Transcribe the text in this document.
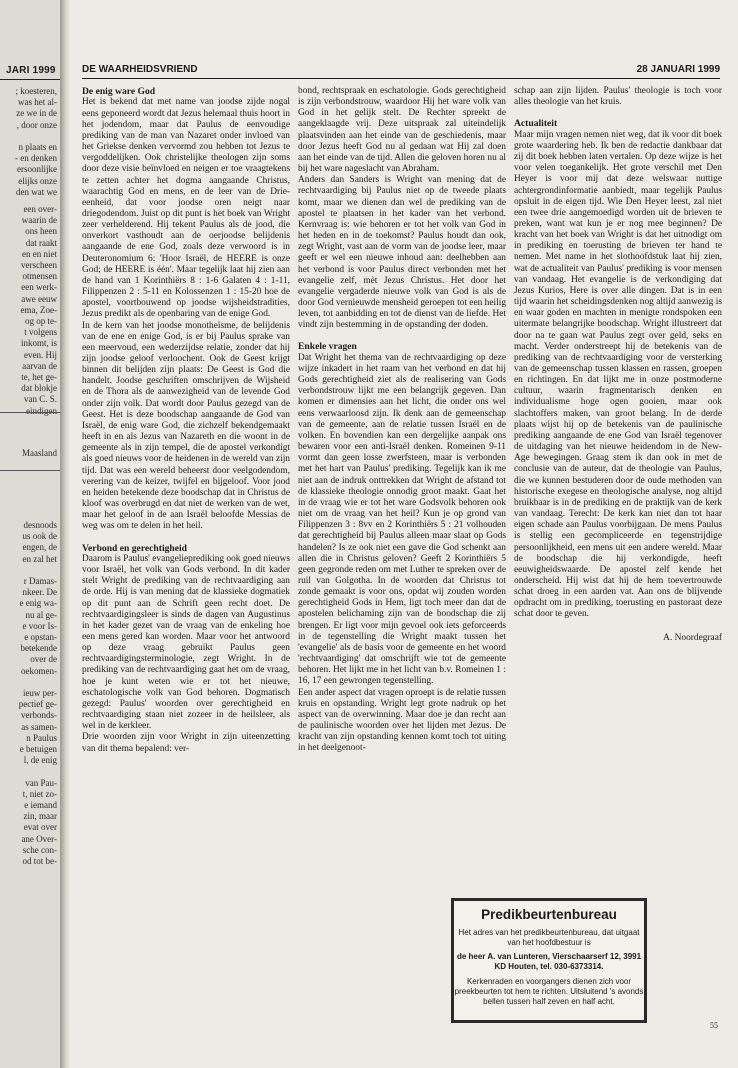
JARI 1999
; koesteren,
was het al-
ze we in de
, door onze

n plaats en
- en denken
ersoonlijke
elijks onze
den wat we
een over-
waarin de
ons heen
dat raakt
en en niet
verscheen
otmensen
een werk-
awe eeuw
ema, Zoe-
og op te-
t volgens
inkomt, is
even. Hij
aarvan de
te, het ge-
dat blokje
van C. S.
eindigen
Maasland
desnoods
us ook de
engen, de
en zal het

r Damas-
nkeer. De
e enig wa-
nu al ge-
e voor Is-
e opstan-
betekende
over de
oekomen-

ieuw per-
pectief ge-
verbonds-
as samen-
n Paulus
e betuigen
l, de enig

van Pau-
t, niet zo-
e iemand
zin, maar
evat over
ane Over-
sche con-
od tot be-
DE WAARHEIDSVRIEND	28 JANUARI 1999
De enig ware God

Het is bekend dat met name van joodse zijde nogal eens geponeerd wordt dat Jezus helemaal thuis hoort in het jodendom, maar dat Paulus de eenvoudige prediking van de man van Nazaret onder invloed van het Griekse denken vervormd zou hebben tot Jezus te vergoddelijken. Ook christelijke theologen zijn soms door deze visie beïnvloed en neigen er toe vraagtekens te zetten achter het dogma aangaande Christus, waarachtig God en mens, en de leer van de Drie-eenheid, dat voor joodse oren neigt naar driegodendom. Juist op dit punt is het boek van Wright zeer verhelderend. Hij tekent Paulus als de jood, die onverkort vasthoudt aan de oerjoodse belijdenis aangaande de ene God, zoals deze verwoord is in Deuteronomium 6: 'Hoor Israël, de HEERE is onze God; de HEERE is één'. Maar tegelijk laat hij zien aan de hand van 1 Korinthiërs 8 : 1-6 Galaten 4 : 1-11, Filippenzen 2 : 5-11 en Kolossenzen 1 : 15-20 hoe de apostel, voortbouwend op joodse wijsheidstradities, Jezus predikt als de openbaring van de enige God.

In de kern van het joodse monotheïsme, de belijdenis van de ene en enige God, is er bij Paulus sprake van een meervoud, een wederzijdse relatie, zonder dat hij zijn joodse geloof verloochent. Ook de Geest krijgt binnen dit belijden zijn plaats: De Geest is God die handelt. Joodse geschriften omschrijven de Wijsheid en de Thora als de aanwezigheid van de levende God onder zijn volk. Dat wordt door Paulus gezegd van de Geest. Het is deze boodschap aangaande de God van Israël, de enig ware God, die zichzelf bekendgemaakt heeft in en als Jezus van Nazareth en die woont in de gemeente als in zijn tempel, die de apostel verkondigt als goed nieuws voor de heidenen in de wereld van zijn tijd. Dat was een wereld beheerst door veelgodendom, verering van de keizer, twijfel en bijgeloof. Voor jood en heiden betekende deze boodschap dat in Christus de kloof was overbrugd en dat niet de werken van de wet, maar het geloof in de aan Israël beloofde Messias de weg was om te delen in het heil.

Verbond en gerechtigheid

Daarom is Paulus' evangelieprediking ook goed nieuws voor Israël, het volk van Gods verbond. In dit kader stelt Wright de prediking van de rechtvaardiging aan de orde. Hij is van mening dat de klassieke dogmatiek op dit punt aan de Schrift geen recht doet. De rechtvaardigingsleer is sinds de dagen van Augustinus in het kader gezet van de vraag van de enkeling hoe een mens gered kan worden. Maar voor het antwoord op deze vraag gebruikt Paulus geen rechtvaardigingsterminologie, zegt Wright. In de prediking van de rechtvaardiging gaat het om de vraag, hoe je kunt weten wie er tot het nieuwe, eschatologische volk van God behoren. Dogmatisch gezegd: Paulus' woorden over gerechtigheid en rechtvaardiging staan niet zozeer in de heilsleer, als wel in de kerkleer.

Drie woorden zijn voor Wright in zijn uiteenzetting van dit thema bepalend: ver-

bond, rechtspraak en eschatologie. Gods gerechtigheid is zijn verbondstrouw, waardoor Hij het ware volk van God in het gelijk stelt. De Rechter spreekt de aangeklaagde vrij. Deze uitspraak zal uiteindelijk plaatsvinden aan het einde van de geschiedenis, maar door Jezus heeft God nu al gedaan wat Hij zal doen aan het einde van de tijd. Allen die geloven horen nu al bij het ware nageslacht van Abraham.

Anders dan Sanders is Wright van mening dat de rechtvaardiging bij Paulus niet op de tweede plaats komt, maar we dienen dan wel de prediking van de apostel te plaatsen in het kader van het verbond. Kernvraag is: wie behoren er tot het volk van God in het heden en in de toekomst? Paulus houdt dan ook, zegt Wright, vast aan de vorm van de joodse leer, maar geeft er wel een nieuwe inhoud aan: deelhebben aan het verbond is voor Paulus direct verbonden met het evangelie zelf, mèt Jezus Christus. Het door het evangelie vergaderde nieuwe volk van God is als de door God vernieuwde mensheid geroepen tot een heilig leven, tot aanbidding en tot de dienst van de liefde. Het vindt zijn bestemming in de opstanding der doden.

Enkele vragen

Dat Wright het thema van de rechtvaardiging op deze wijze inkadert in het raam van het verbond en dat hij Gods gerechtigheid ziet als de realisering van Gods verbondstrouw lijkt me een belangrijk gegeven. Dan komen er dimensies aan het licht, die onder ons wel eens verwaarloosd zijn. Ik denk aan de gemeenschap van de gemeente, aan de relatie tussen Israël en de volken. En bovendien kan een dergelijke aanpak ons bewaren voor een anti-Israël denken. Romeinen 9-11 vormt dan geen losse zwerfsteen, maar is verbonden met het hart van Paulus' prediking. Tegelijk kan ik me niet aan de indruk onttrekken dat Wright de afstand tot de klassieke theologie onnodig groot maakt. Gaat het in de vraag wie er tot het ware Godsvolk behoren ook niet om de vraag van het heil? Kun je op grond van Filippenzen 3 : 8vv en 2 Korinthiërs 5 : 21 volhouden dat gerechtigheid bij Paulus alleen maar slaat op Gods handelen? Is ze ook niet een gave die God schenkt aan allen die in Christus geloven? Geeft 2 Korinthiërs 5 geen gegronde reden om met Luther te spreken over de ruil van Golgotha. In de woorden dat Christus tot zonde gemaakt is voor ons, opdat wij zouden worden gerechtigheid Gods in Hem, ligt toch meer dan dat de apostelen belichaming zijn van de boodschap die zij brengen. Er ligt voor mijn gevoel ook iets geforceerds in de tegenstelling die Wright maakt tussen het 'evangelie' als de basis voor de gemeente en het woord 'rechtvaardiging' dat omschrijft wie tot de gemeente behoren. Het lijkt me in het licht van b.v. Romeinen 1 : 16, 17 een gewrongen tegenstelling.

Een ander aspect dat vragen oproept is de relatie tussen kruis en opstanding. Wright legt grote nadruk op het aspect van de overwinning. Maar doe je dan recht aan de paulinische woorden over het lijden met Jezus. De kracht van zijn opstanding kennen komt toch tot uiting in het deelgenoot-

schap aan zijn lijden. Paulus' theologie is toch voor alles theologie van het kruis.

Actualiteit

Maar mijn vragen nemen niet weg, dat ik voor dit boek grote waardering heb. Ik ben de redactie dankbaar dat zij dit boek hebben laten vertalen. Op deze wijze is het voor velen toegankelijk. Het grote verschil met Den Heyer is voor mij dat deze welswaar nuttige achtergrondinformatie aanbiedt, maar tegelijk Paulus opsluit in de eigen tijd. Wie Den Heyer leest, zal niet een twee drie aangemoedigd worden uit de brieven te preken, want wat kun je er nog mee beginnen? De kracht van het boek van Wright is dat het uitnodigt om in prediking en toerusting de brieven ter hand te nemen. Met name in het slothoofdstuk laat hij zien, wat de actualiteit van Paulus' prediking is voor mensen van vandaag. Het evangelie is de verkondiging dat Jezus Kurios, Here is over alle dingen. Dat is in een tijd waarin het scheidingsdenken nog altijd aanwezig is en waar goden en machten in menigte rondspoken een uitermate belangrijke boodschap. Wright illustreert dat door na te gaan wat Paulus zegt over geld, seks en macht. Verder onderstreept hij de betekenis van de prediking van de rechtvaardiging voor de versterking van de gemeenschap tussen klassen en rassen, groepen en richtingen. En dat lijkt me in onze postmoderne cultuur, waarin fragmentarisch denken en individualisme hoge ogen gooien, maar ook slachtoffers maken, van groot belang. In de derde plaats wijst hij op de betekenis van de paulinische prediking aangaande de ene God van Israël tegenover de uitdaging van het nieuwe heidendom in de New-Age bewegingen. Graag stem ik dan ook in met de conclusie van de auteur, dat de theologie van Paulus, die we kunnen bestuderen door de oude methoden van historische exegese en theologische analyse, nog altijd bruikbaar is in de prediking en de praktijk van de kerk van vandaag. Terecht: De kerk kan niet dan tot haar eigen schade aan Paulus voorbijgaan. De mens Paulus is stellig een gecompliceerde en tegenstrijdige persoonlijkheid, een mens uit een andere wereld. Maar de boodschap die hij verkondigde, heeft eeuwigheidswaarde. De apostel zelf kende het onderscheid. Hij wist dat hij de hem toevertrouwde schat droeg in een aarden vat. Aan ons de blijvende opdracht om in prediking, toerusting en pastoraat deze schat door te geven.

A. Noordegraaf
55
Predikbeurtenbureau
Het adres van het predikbeurtenbureau, dat uitgaat van het hoofdbestuur is
de heer A. van Lunteren, Vierschaarserf 12, 3991 KD Houten, tel. 030-6373314.
Kerkenraden en voorgangers dienen zich voor preekbeurten tot hem te richten. Uitsluitend 's avonds bellen tussen half zeven en half acht.
